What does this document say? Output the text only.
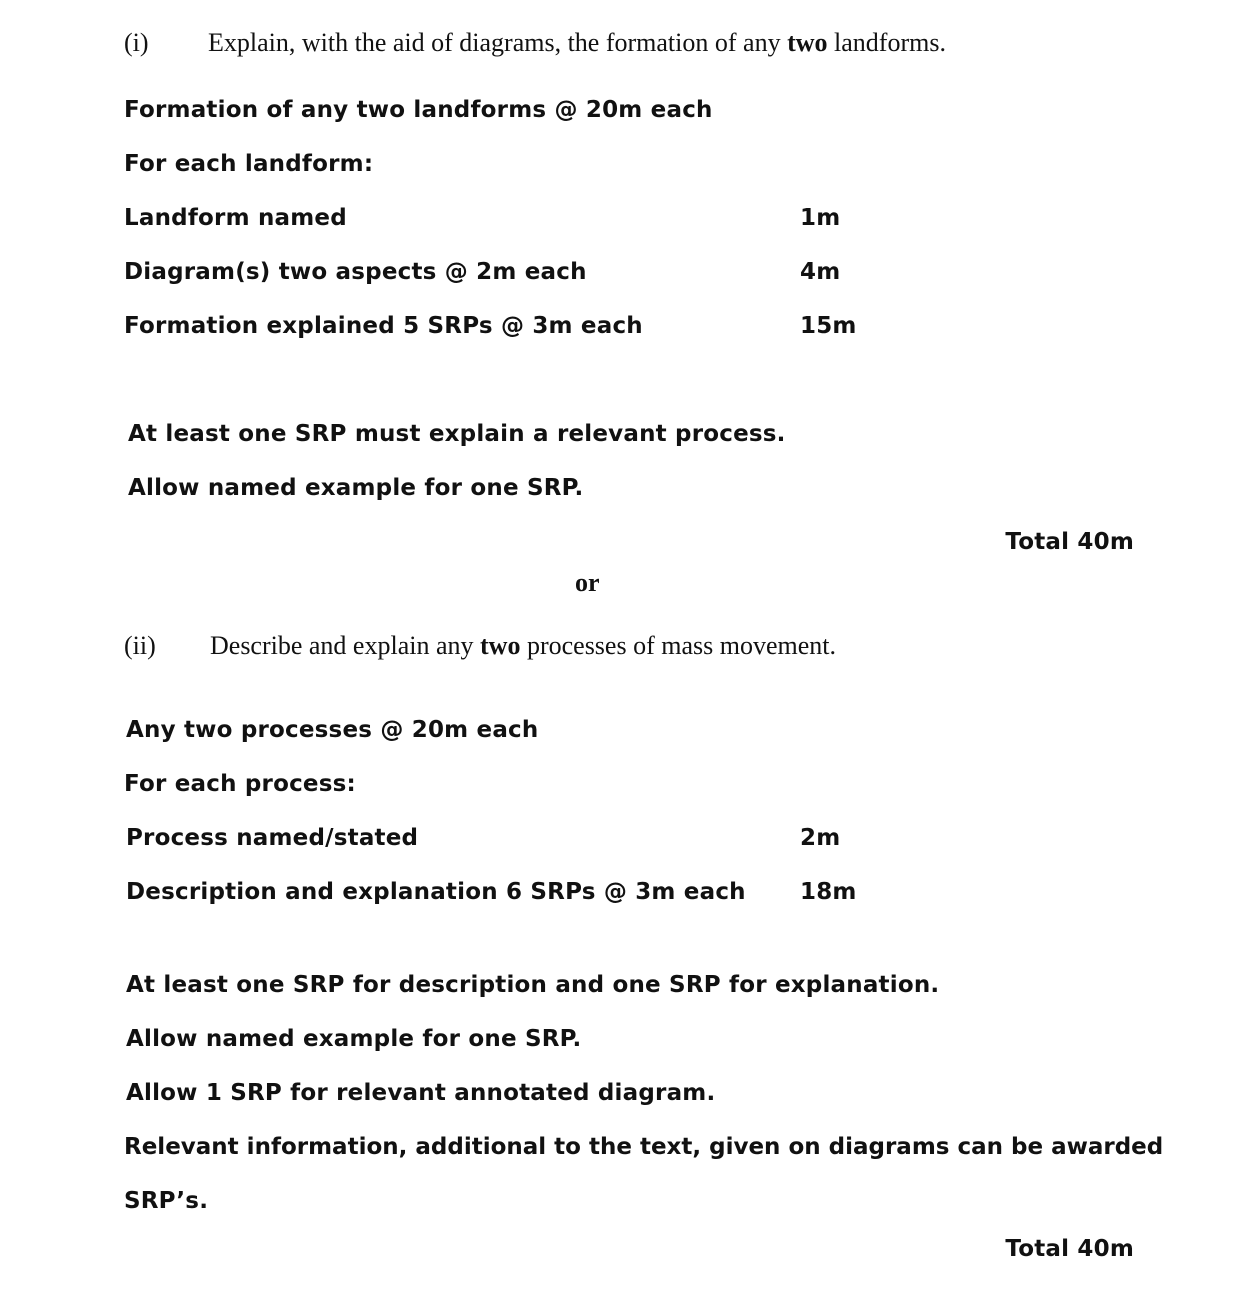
(i) Explain, with the aid of diagrams, the formation of any two landforms.
Formation of any two landforms @ 20m each
For each landform:
Landform named	1m
Diagram(s) two aspects @ 2m each	4m
Formation explained 5 SRPs @ 3m each	15m
At least one SRP must explain a relevant process.
Allow named example for one SRP.
Total 40m
or
(ii) Describe and explain any two processes of mass movement.
Any two processes @ 20m each
For each process:
Process named/stated	2m
Description and explanation 6 SRPs @ 3m each 18m
At least one SRP for description and one SRP for explanation.
Allow named example for one SRP.
Allow 1 SRP for relevant annotated diagram.
Relevant information, additional to the text, given on diagrams can be awarded
SRP’s.
Total 40m
